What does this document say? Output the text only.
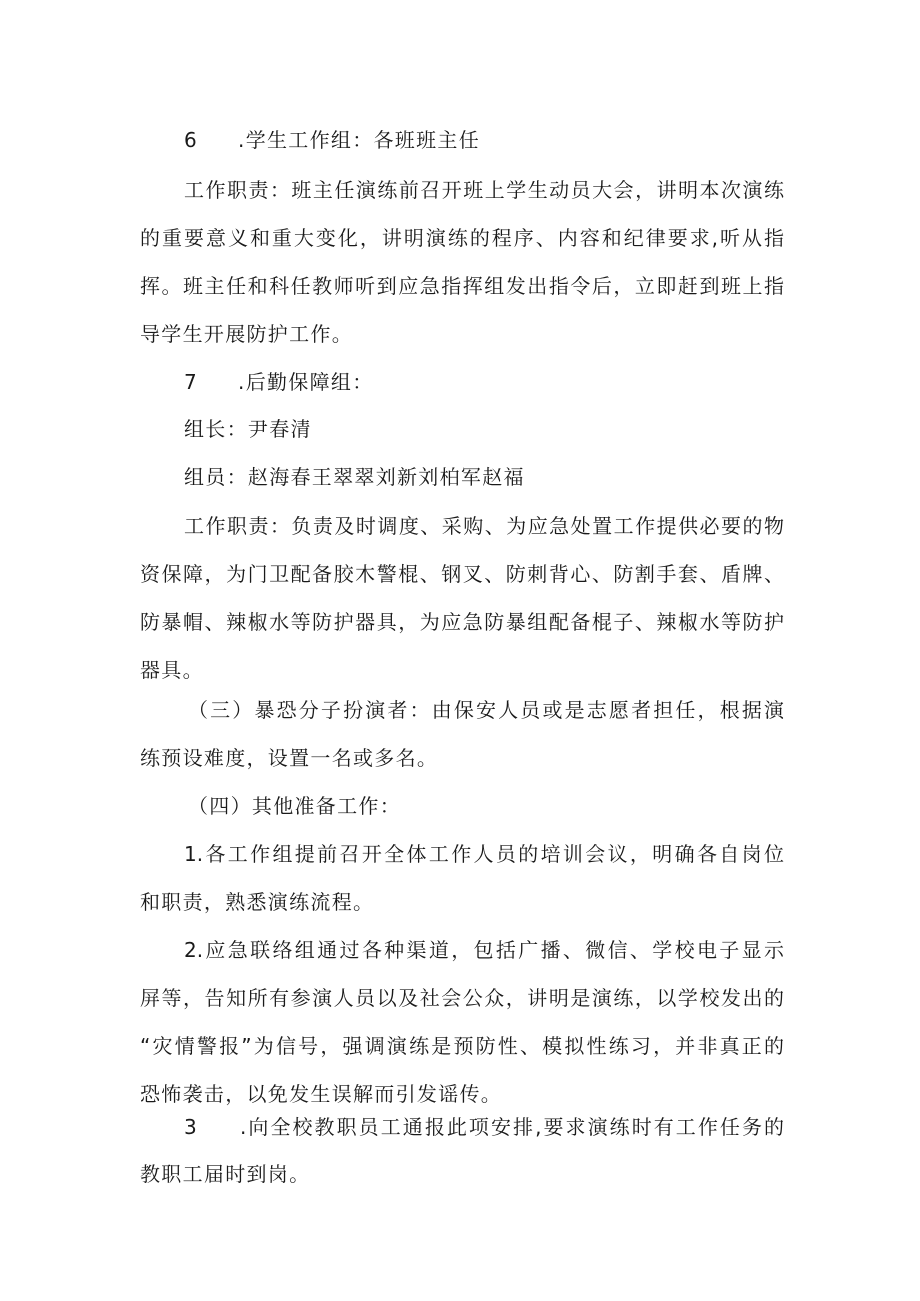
6 .学生工作组：各班班主任
工作职责：班主任演练前召开班上学生动员大会，讲明本次演练
的重要意义和重大变化，讲明演练的程序、内容和纪律要求,听从指
挥。班主任和科任教师听到应急指挥组发出指令后，立即赶到班上指
导学生开展防护工作。
7 .后勤保障组：
组长：尹春清
组员：赵海春王翠翠刘新刘柏军赵福
工作职责：负责及时调度、采购、为应急处置工作提供必要的物
资保障，为门卫配备胶木警棍、钢叉、防刺背心、防割手套、盾牌、
防暴帽、辣椒水等防护器具，为应急防暴组配备棍子、辣椒水等防护
器具。
（三）暴恐分子扮演者：由保安人员或是志愿者担任，根据演
练预设难度，设置一名或多名。
（四）其他准备工作：
1.各工作组提前召开全体工作人员的培训会议，明确各自岗位
和职责，熟悉演练流程。
2.应急联络组通过各种渠道，包括广播、微信、学校电子显示
屏等，告知所有参演人员以及社会公众，讲明是演练，以学校发出的
“灾情警报”为信号，强调演练是预防性、模拟性练习，并非真正的
恐怖袭击，以免发生误解而引发谣传。
3 .向全校教职员工通报此项安排,要求演练时有工作任务的
教职工届时到岗。
